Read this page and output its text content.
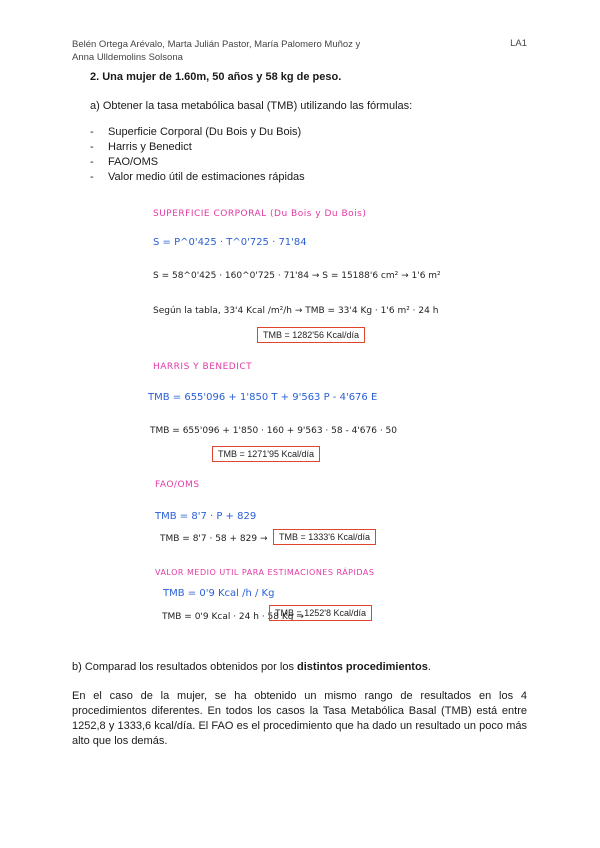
Belén Ortega Arévalo, Marta Julián Pastor, María Palomero Muñoz y
Anna Ulldemolins Solsona
LA1
2. Una mujer de 1.60m, 50 años y 58 kg de peso.
a) Obtener la tasa metabólica basal (TMB) utilizando las fórmulas:
- Superficie Corporal (Du Bois y Du Bois)
- Harris y Benedict
- FAO/OMS
- Valor medio útil de estimaciones rápidas
SUPERFICIE CORPORAL (Du Bois y Du Bois)
S = P^0'425 · T^0'725 · 71'84
S = 58^0'425 · 160^0'725 · 71'84 → S = 15188'6 cm² → 1'6 m²
Según la tabla, 33'4 Kcal /m²/h → TMB = 33'4 Kg · 1'6 m² · 24 h
TMB = 1282'56 Kcal/día
HARRIS Y BENEDICT
TMB = 655'096 + 1'850 T + 9'563 P - 4'676 E
TMB = 655'096 + 1'850 · 160 + 9'563 · 58 - 4'676 · 50
TMB = 1271'95 Kcal/día
FAO/OMS
TMB = 8'7 · P + 829
TMB = 8'7 · 58 + 829 →	TMB = 1333'6 Kcal/día
VALOR MEDIO UTIL PARA ESTIMACIONES RÁPIDAS
TMB = 0'9 Kcal /h / Kg
TMB = 0'9 Kcal · 24 h · 58 Kg →
TMB = 1252'8 Kcal/día
b) Comparad los resultados obtenidos por los distintos procedimientos.
En el caso de la mujer, se ha obtenido un mismo rango de resultados en los 4 procedimientos diferentes. En todos los casos la Tasa Metabólica Basal (TMB) está entre 1252,8 y 1333,6 kcal/día. El FAO es el procedimiento que ha dado un resultado un poco más alto que los demás.
